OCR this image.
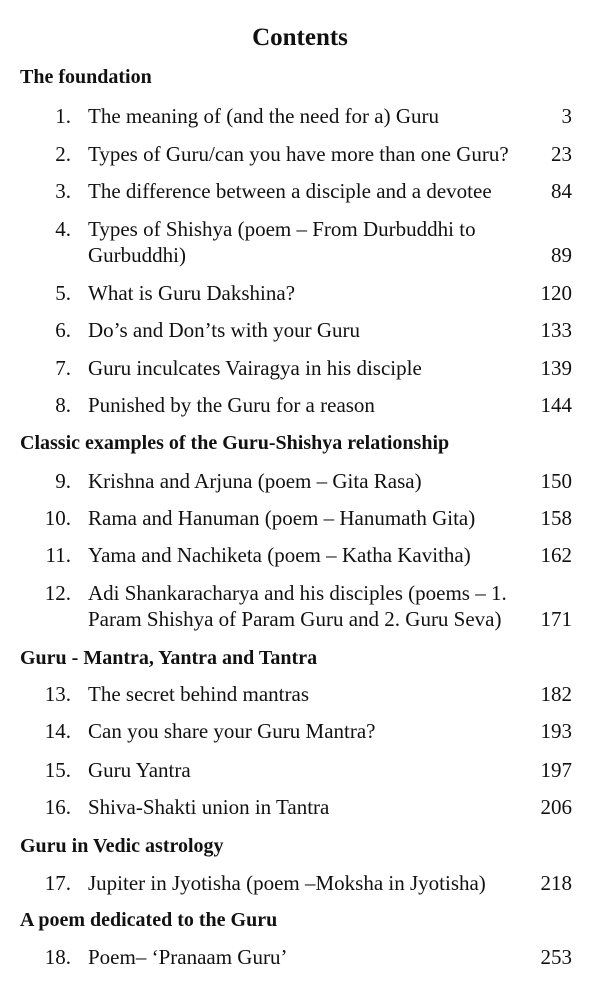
Contents
The foundation
1. The meaning of (and the need for a) Guru	3
2. Types of Guru/can you have more than one Guru?	23
3. The difference between a disciple and a devotee	84
4. Types of Shishya (poem – From Durbuddhi to
Gurbuddhi)	89
5. What is Guru Dakshina?	120
6. Do’s and Don’ts with your Guru	133
7. Guru inculcates Vairagya in his disciple	139
8. Punished by the Guru for a reason	144
Classic examples of the Guru-Shishya relationship
9. Krishna and Arjuna (poem – Gita Rasa)	150
10. Rama and Hanuman (poem – Hanumath Gita)	158
11. Yama and Nachiketa (poem – Katha Kavitha)	162
12. Adi Shankaracharya and his disciples (poems – 1.
Param Shishya of Param Guru and 2. Guru Seva)	171
Guru - Mantra, Yantra and Tantra
13. The secret behind mantras	182
14. Can you share your Guru Mantra?	193
15. Guru Yantra	197
16. Shiva-Shakti union in Tantra	206
Guru in Vedic astrology
17. Jupiter in Jyotisha (poem –Moksha in Jyotisha)	218
A poem dedicated to the Guru
18. Poem– ‘Pranaam Guru’	253
